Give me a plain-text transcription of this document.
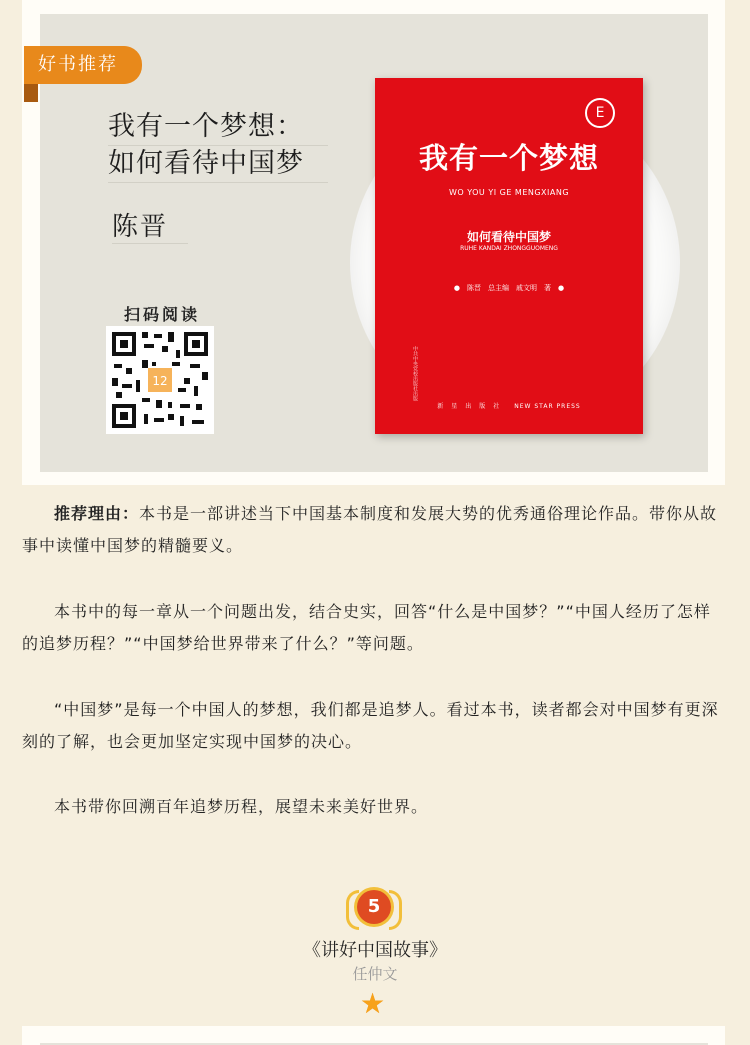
好书推荐
我有一个梦想：
如何看待中国梦
陈晋
扫码阅读
12
E
我有一个梦想
WO YOU YI GE MENGXIANG
如何看待中国梦
RUHE KANDAI ZHONGGUOMENG
●　陈晋　总主编　戚文明　著　●
中共中央党校出版社出版
新　星　出　版　社　　NEW STAR PRESS

推荐理由：本书是一部讲述当下中国基本制度和发展大势的优秀通俗理论作品。带你从故事中读懂中国梦的精髓要义。

本书中的每一章从一个问题出发，结合史实，回答“什么是中国梦？”“中国人经历了怎样的追梦历程？”“中国梦给世界带来了什么？”等问题。

“中国梦”是每一个中国人的梦想，我们都是追梦人。看过本书，读者都会对中国梦有更深刻的了解，也会更加坚定实现中国梦的决心。

本书带你回溯百年追梦历程，展望未来美好世界。

5
《讲好中国故事》
任仲文
★
